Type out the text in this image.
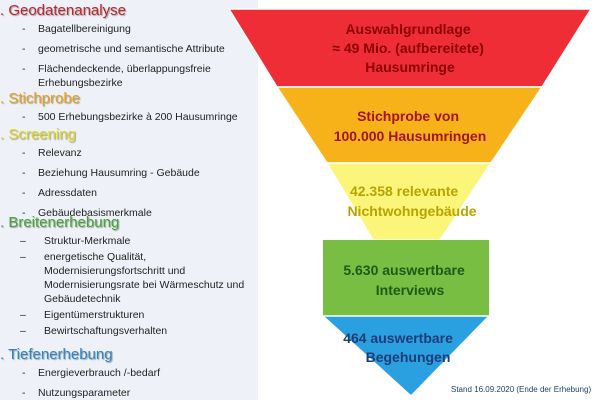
. Geodatenanalyse
- Bagatellbereinigung
- geometrische und semantische Attribute
- Flächendeckende, überlappungsfreie Erhebungsbezirke
. Stichprobe
- 500 Erhebungsbezirke à 200 Hausumringe
. Screening
- Relevanz
- Beziehung Hausumring - Gebäude
- Adressdaten
- Gebäudebasismerkmale
. Breitenerhebung
– Struktur-Merkmale
– energetische Qualität, Modernisierungsfortschritt und Modernisierungsrate bei Wärmeschutz und Gebäudetechnik
– Eigentümerstrukturen
– Bewirtschaftungsverhalten
. Tiefenerhebung
- Energieverbrauch /-bedarf
- Nutzungsparameter
Auswahlgrundlage ≈ 49 Mio. (aufbereitete) Hausumringe
Stichprobe von 100.000 Hausumringen
42.358 relevante Nichtwohngebäude
5.630 auswertbare Interviews
464 auswertbare Begehungen
Stand 16.09.2020 (Ende der Erhebung)
